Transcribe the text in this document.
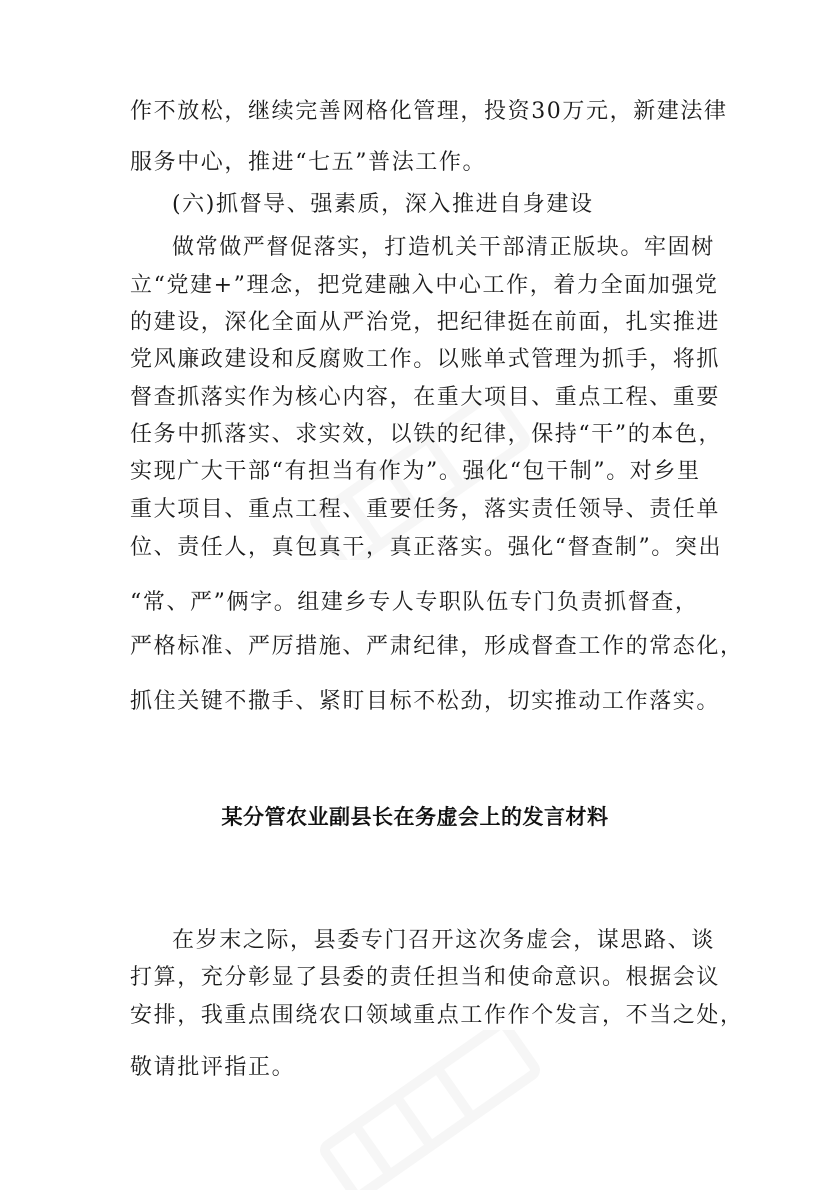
作不放松，继续完善网格化管理，投资30万元，新建法律
服务中心，推进“七五”普法工作。
(六)抓督导、强素质，深入推进自身建设
做常做严督促落实，打造机关干部清正版块。牢固树
立“党建+”理念，把党建融入中心工作，着力全面加强党
的建设，深化全面从严治党，把纪律挺在前面，扎实推进
党风廉政建设和反腐败工作。以账单式管理为抓手，将抓
督查抓落实作为核心内容，在重大项目、重点工程、重要
任务中抓落实、求实效，以铁的纪律，保持“干”的本色，
实现广大干部“有担当有作为”。强化“包干制”。对乡里
重大项目、重点工程、重要任务，落实责任领导、责任单
位、责任人，真包真干，真正落实。强化“督查制”。突出
“常、严”俩字。组建乡专人专职队伍专门负责抓督查，
严格标准、严厉措施、严肃纪律，形成督查工作的常态化，
抓住关键不撒手、紧盯目标不松劲，切实推动工作落实。
某分管农业副县长在务虚会上的发言材料
在岁末之际，县委专门召开这次务虚会，谋思路、谈
打算，充分彰显了县委的责任担当和使命意识。根据会议
安排，我重点围绕农口领域重点工作作个发言，不当之处，
敬请批评指正。
